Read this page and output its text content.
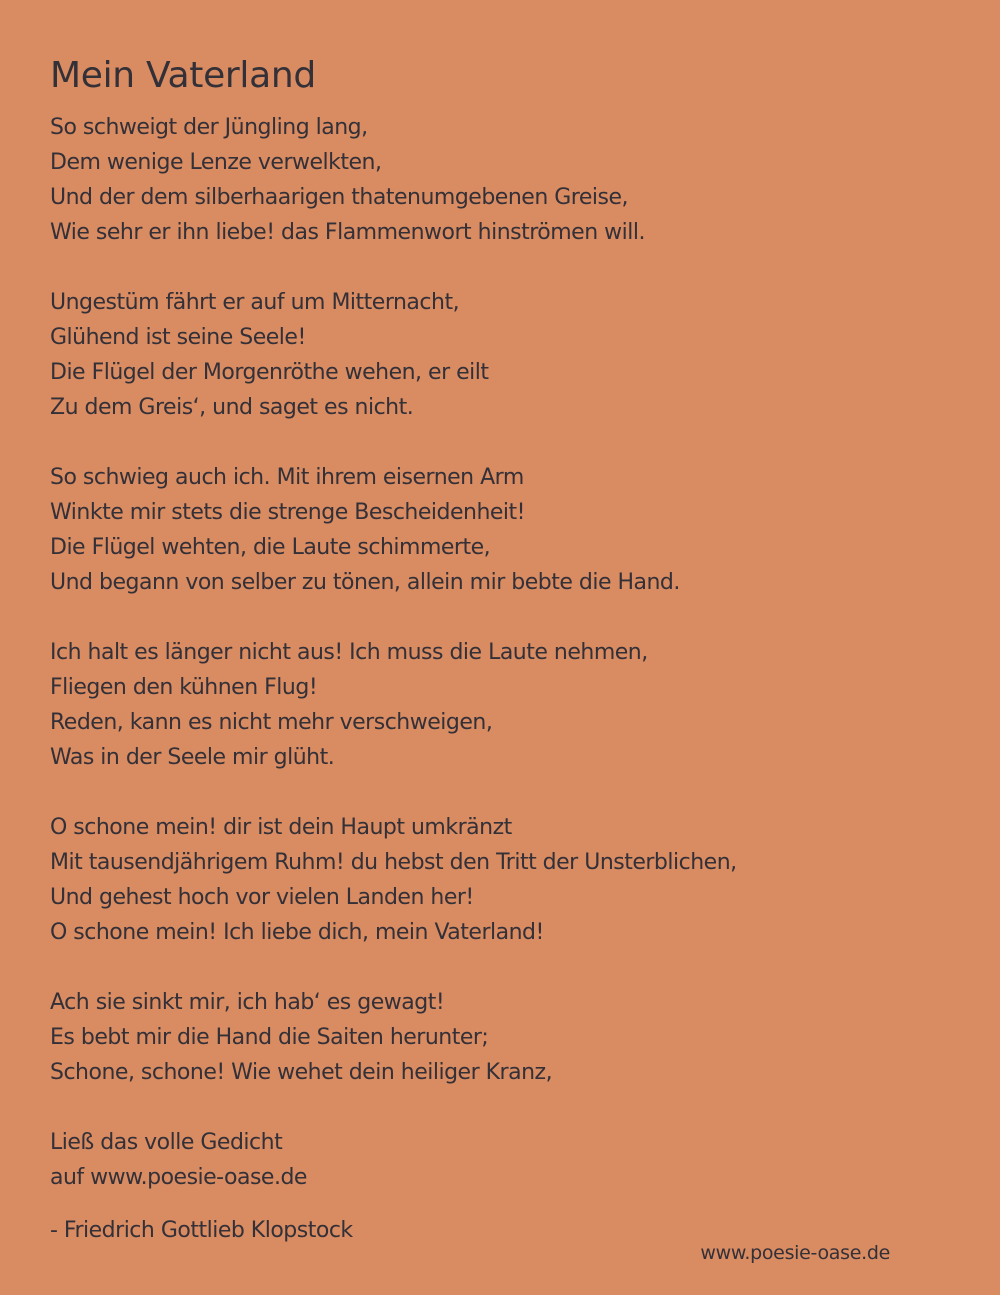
Mein Vaterland
So schweigt der Jüngling lang,
Dem wenige Lenze verwelkten,
Und der dem silberhaarigen thatenumgebenen Greise,
Wie sehr er ihn liebe! das Flammenwort hinströmen will.
Ungestüm fährt er auf um Mitternacht,
Glühend ist seine Seele!
Die Flügel der Morgenröthe wehen, er eilt
Zu dem Greis‘, und saget es nicht.
So schwieg auch ich. Mit ihrem eisernen Arm
Winkte mir stets die strenge Bescheidenheit!
Die Flügel wehten, die Laute schimmerte,
Und begann von selber zu tönen, allein mir bebte die Hand.
Ich halt es länger nicht aus! Ich muss die Laute nehmen,
Fliegen den kühnen Flug!
Reden, kann es nicht mehr verschweigen,
Was in der Seele mir glüht.
O schone mein! dir ist dein Haupt umkränzt
Mit tausendjährigem Ruhm! du hebst den Tritt der Unsterblichen,
Und gehest hoch vor vielen Landen her!
O schone mein! Ich liebe dich, mein Vaterland!
Ach sie sinkt mir, ich hab‘ es gewagt!
Es bebt mir die Hand die Saiten herunter;
Schone, schone! Wie wehet dein heiliger Kranz,
Ließ das volle Gedicht
auf www.poesie-oase.de
- Friedrich Gottlieb Klopstock
www.poesie-oase.de
